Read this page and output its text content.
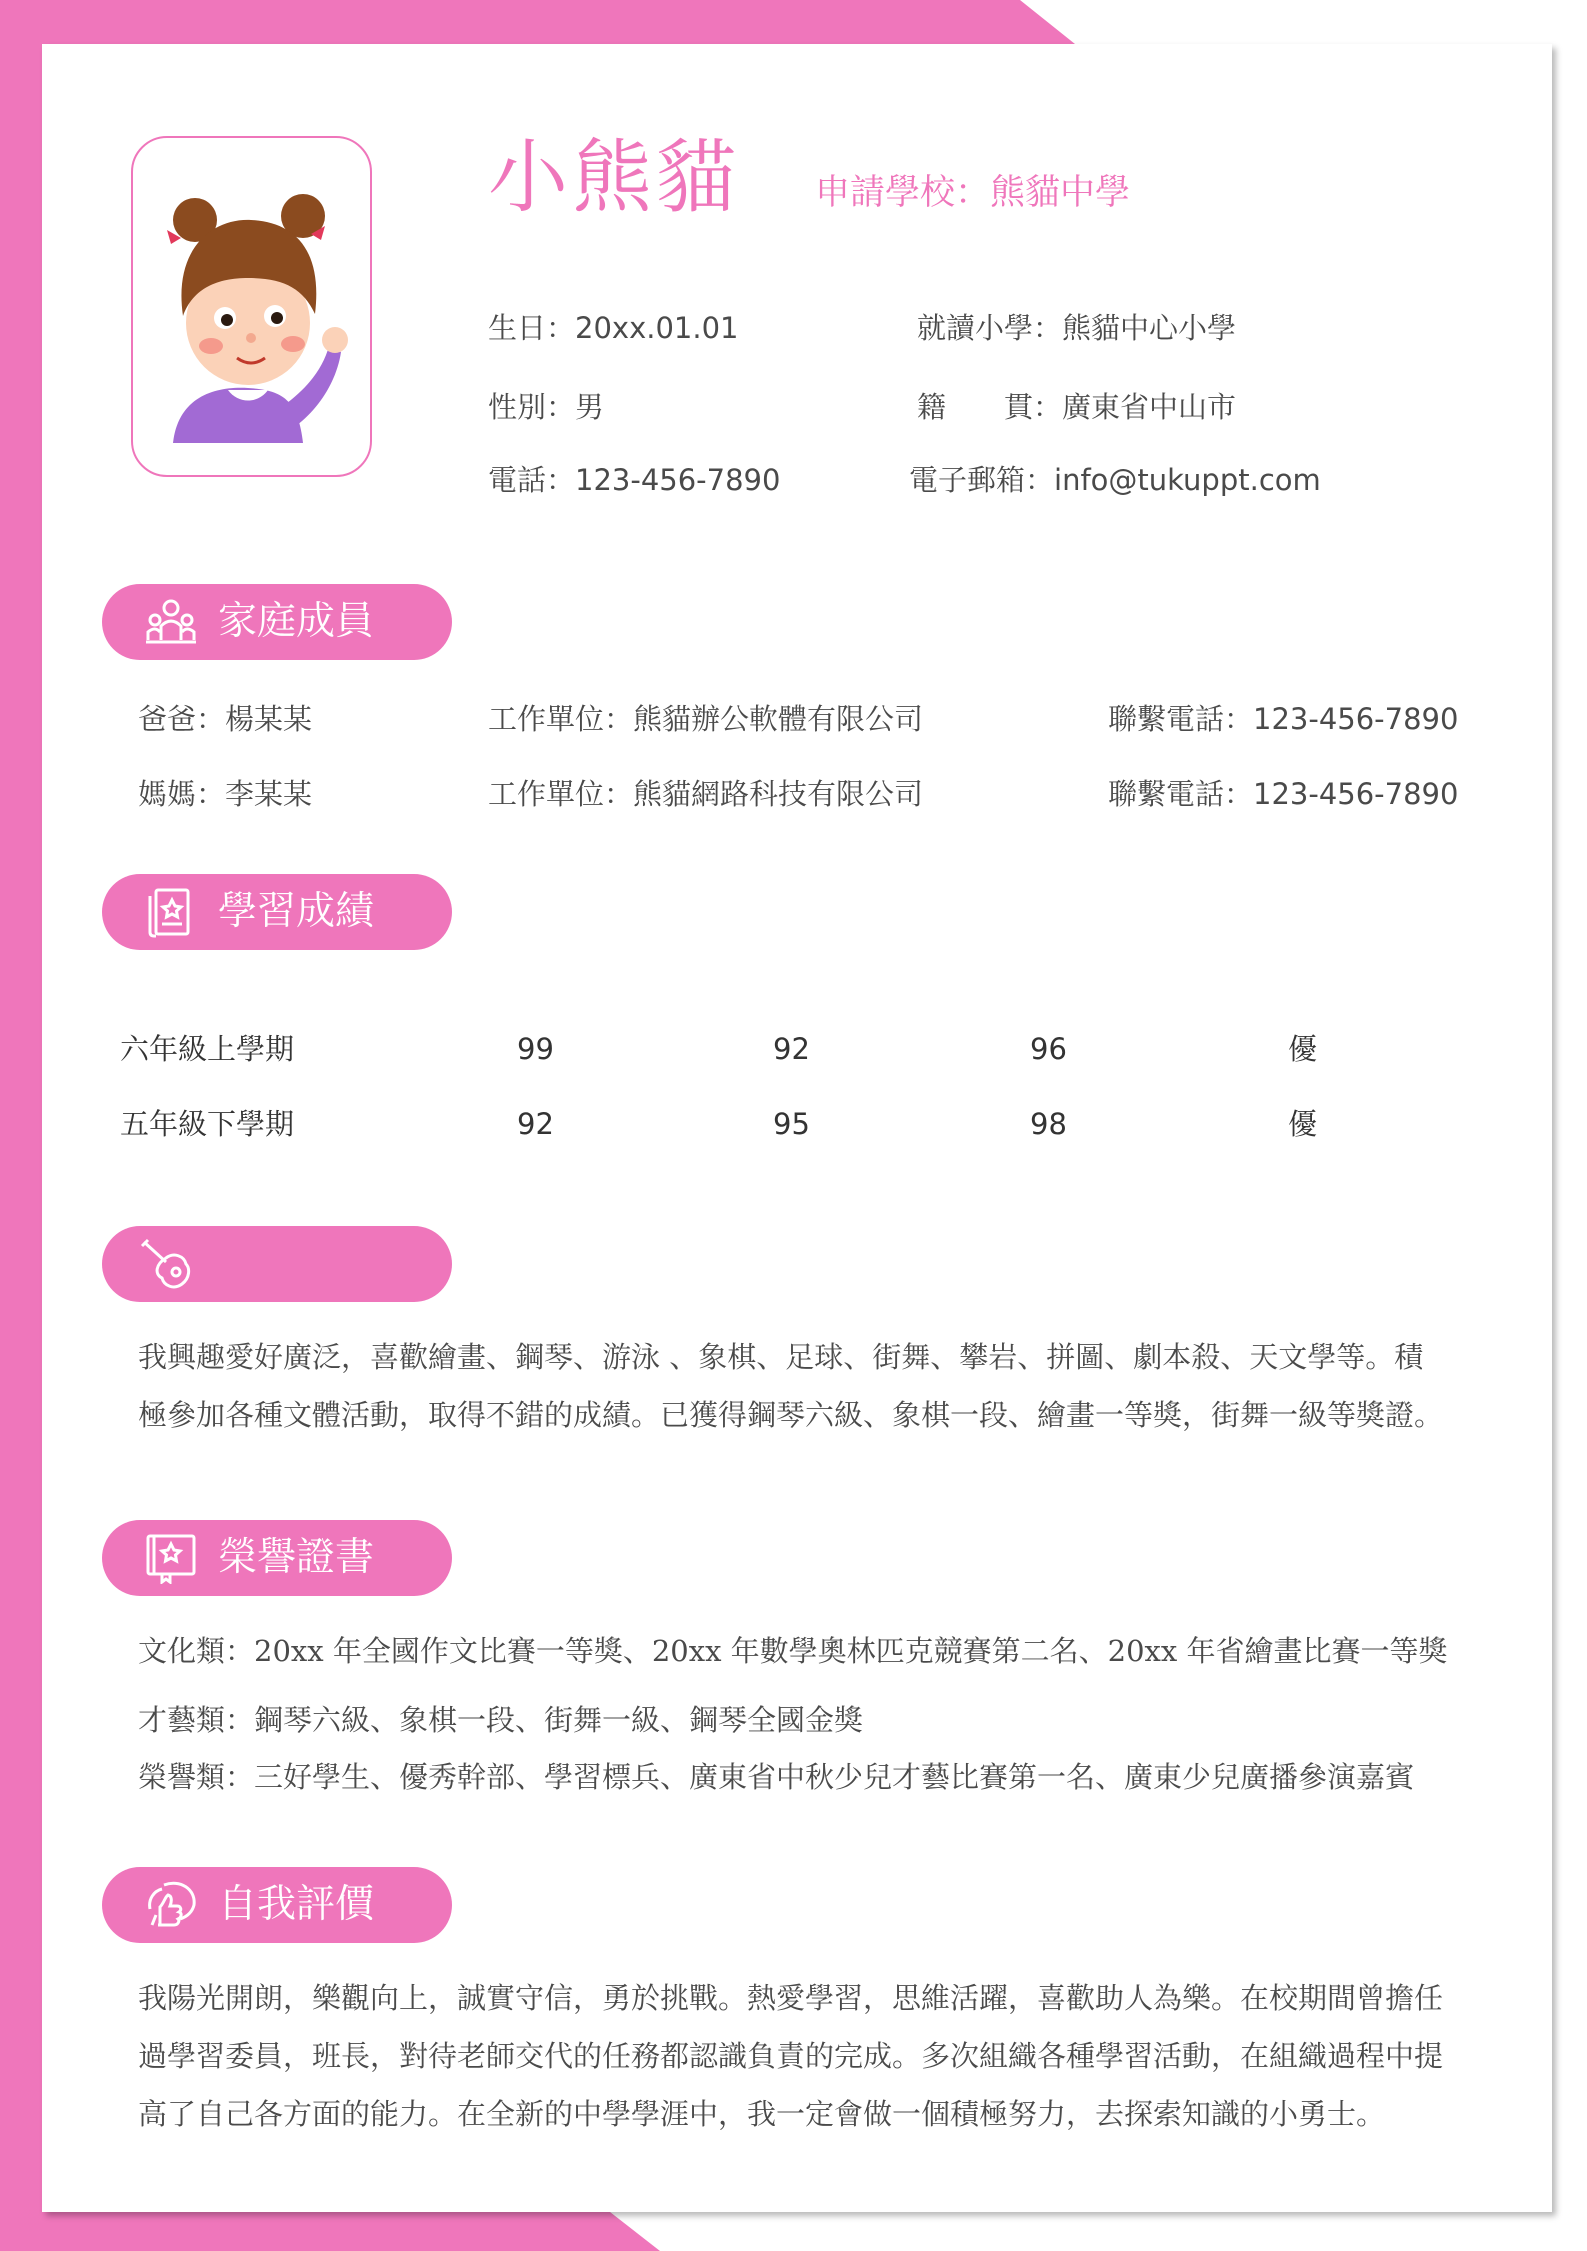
小熊貓 申請學校：熊貓中學
生日：20xx.01.01	就讀小學：熊貓中心小學
性別：男	籍　　貫：廣東省中山市
電話：123-456-7890	電子郵箱：info@tukuppt.com
家庭成員
爸爸：楊某某	工作單位：熊貓辦公軟體有限公司	聯繫電話：123-456-7890
媽媽：李某某	工作單位：熊貓網路科技有限公司	聯繫電話：123-456-7890
學習成績
六年級上學期	99	92	96	優
五年級下學期	92	95	98	優
我興趣愛好廣泛，喜歡繪畫、鋼琴、游泳 、象棋、足球、街舞、攀岩、拼圖、劇本殺、天文學等。積
極參加各種文體活動，取得不錯的成績。已獲得鋼琴六級、象棋一段、繪畫一等獎，街舞一級等獎證。
榮譽證書
文化類：20xx 年全國作文比賽一等獎、20xx 年數學奧林匹克競賽第二名、20xx 年省繪畫比賽一等獎
才藝類：鋼琴六級、象棋一段、街舞一級、鋼琴全國金獎
榮譽類：三好學生、優秀幹部、學習標兵、廣東省中秋少兒才藝比賽第一名、廣東少兒廣播參演嘉賓
自我評價
我陽光開朗，樂觀向上，誠實守信，勇於挑戰。熱愛學習，思維活躍，喜歡助人為樂。在校期間曾擔任
過學習委員，班長，對待老師交代的任務都認識負責的完成。多次組織各種學習活動，在組織過程中提
高了自己各方面的能力。在全新的中學學涯中，我一定會做一個積極努力，去探索知識的小勇士。
